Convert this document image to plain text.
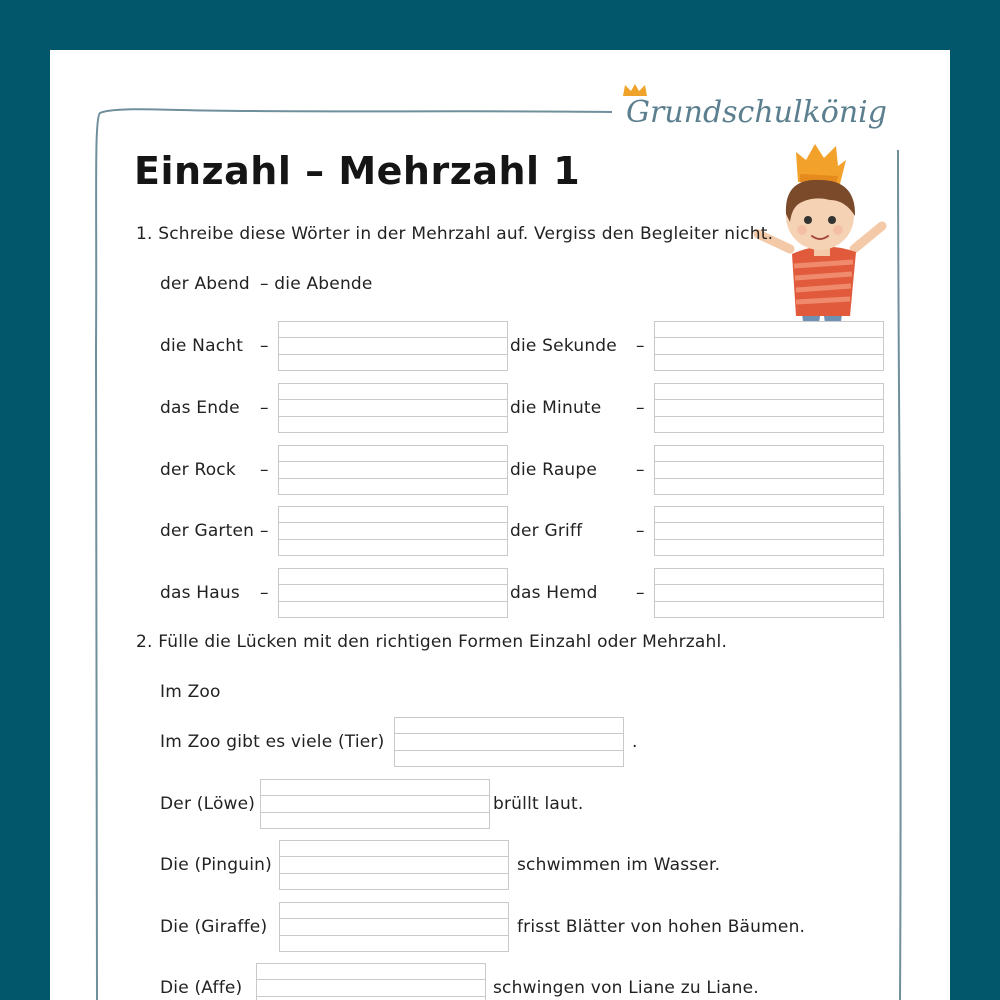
Grundschulkönig
Einzahl – Mehrzahl 1
1. Schreibe diese Wörter in der Mehrzahl auf. Vergiss den Begleiter nicht.
der Abend – die Abende
die Nacht –	die Sekunde –
das Ende –	die Minute –
der Rock –	die Raupe –
der Garten –	der Griff	–
das Haus –	das Hemd –
2. Fülle die Lücken mit den richtigen Formen Einzahl oder Mehrzahl.
Im Zoo
Im Zoo gibt es viele (Tier)	.
Der (Löwe)	brüllt laut.
Die (Pinguin)	schwimmen im Wasser.
Die (Giraffe)	frisst Blätter von hohen Bäumen.
Die (Affe)	schwingen von Liane zu Liane.
